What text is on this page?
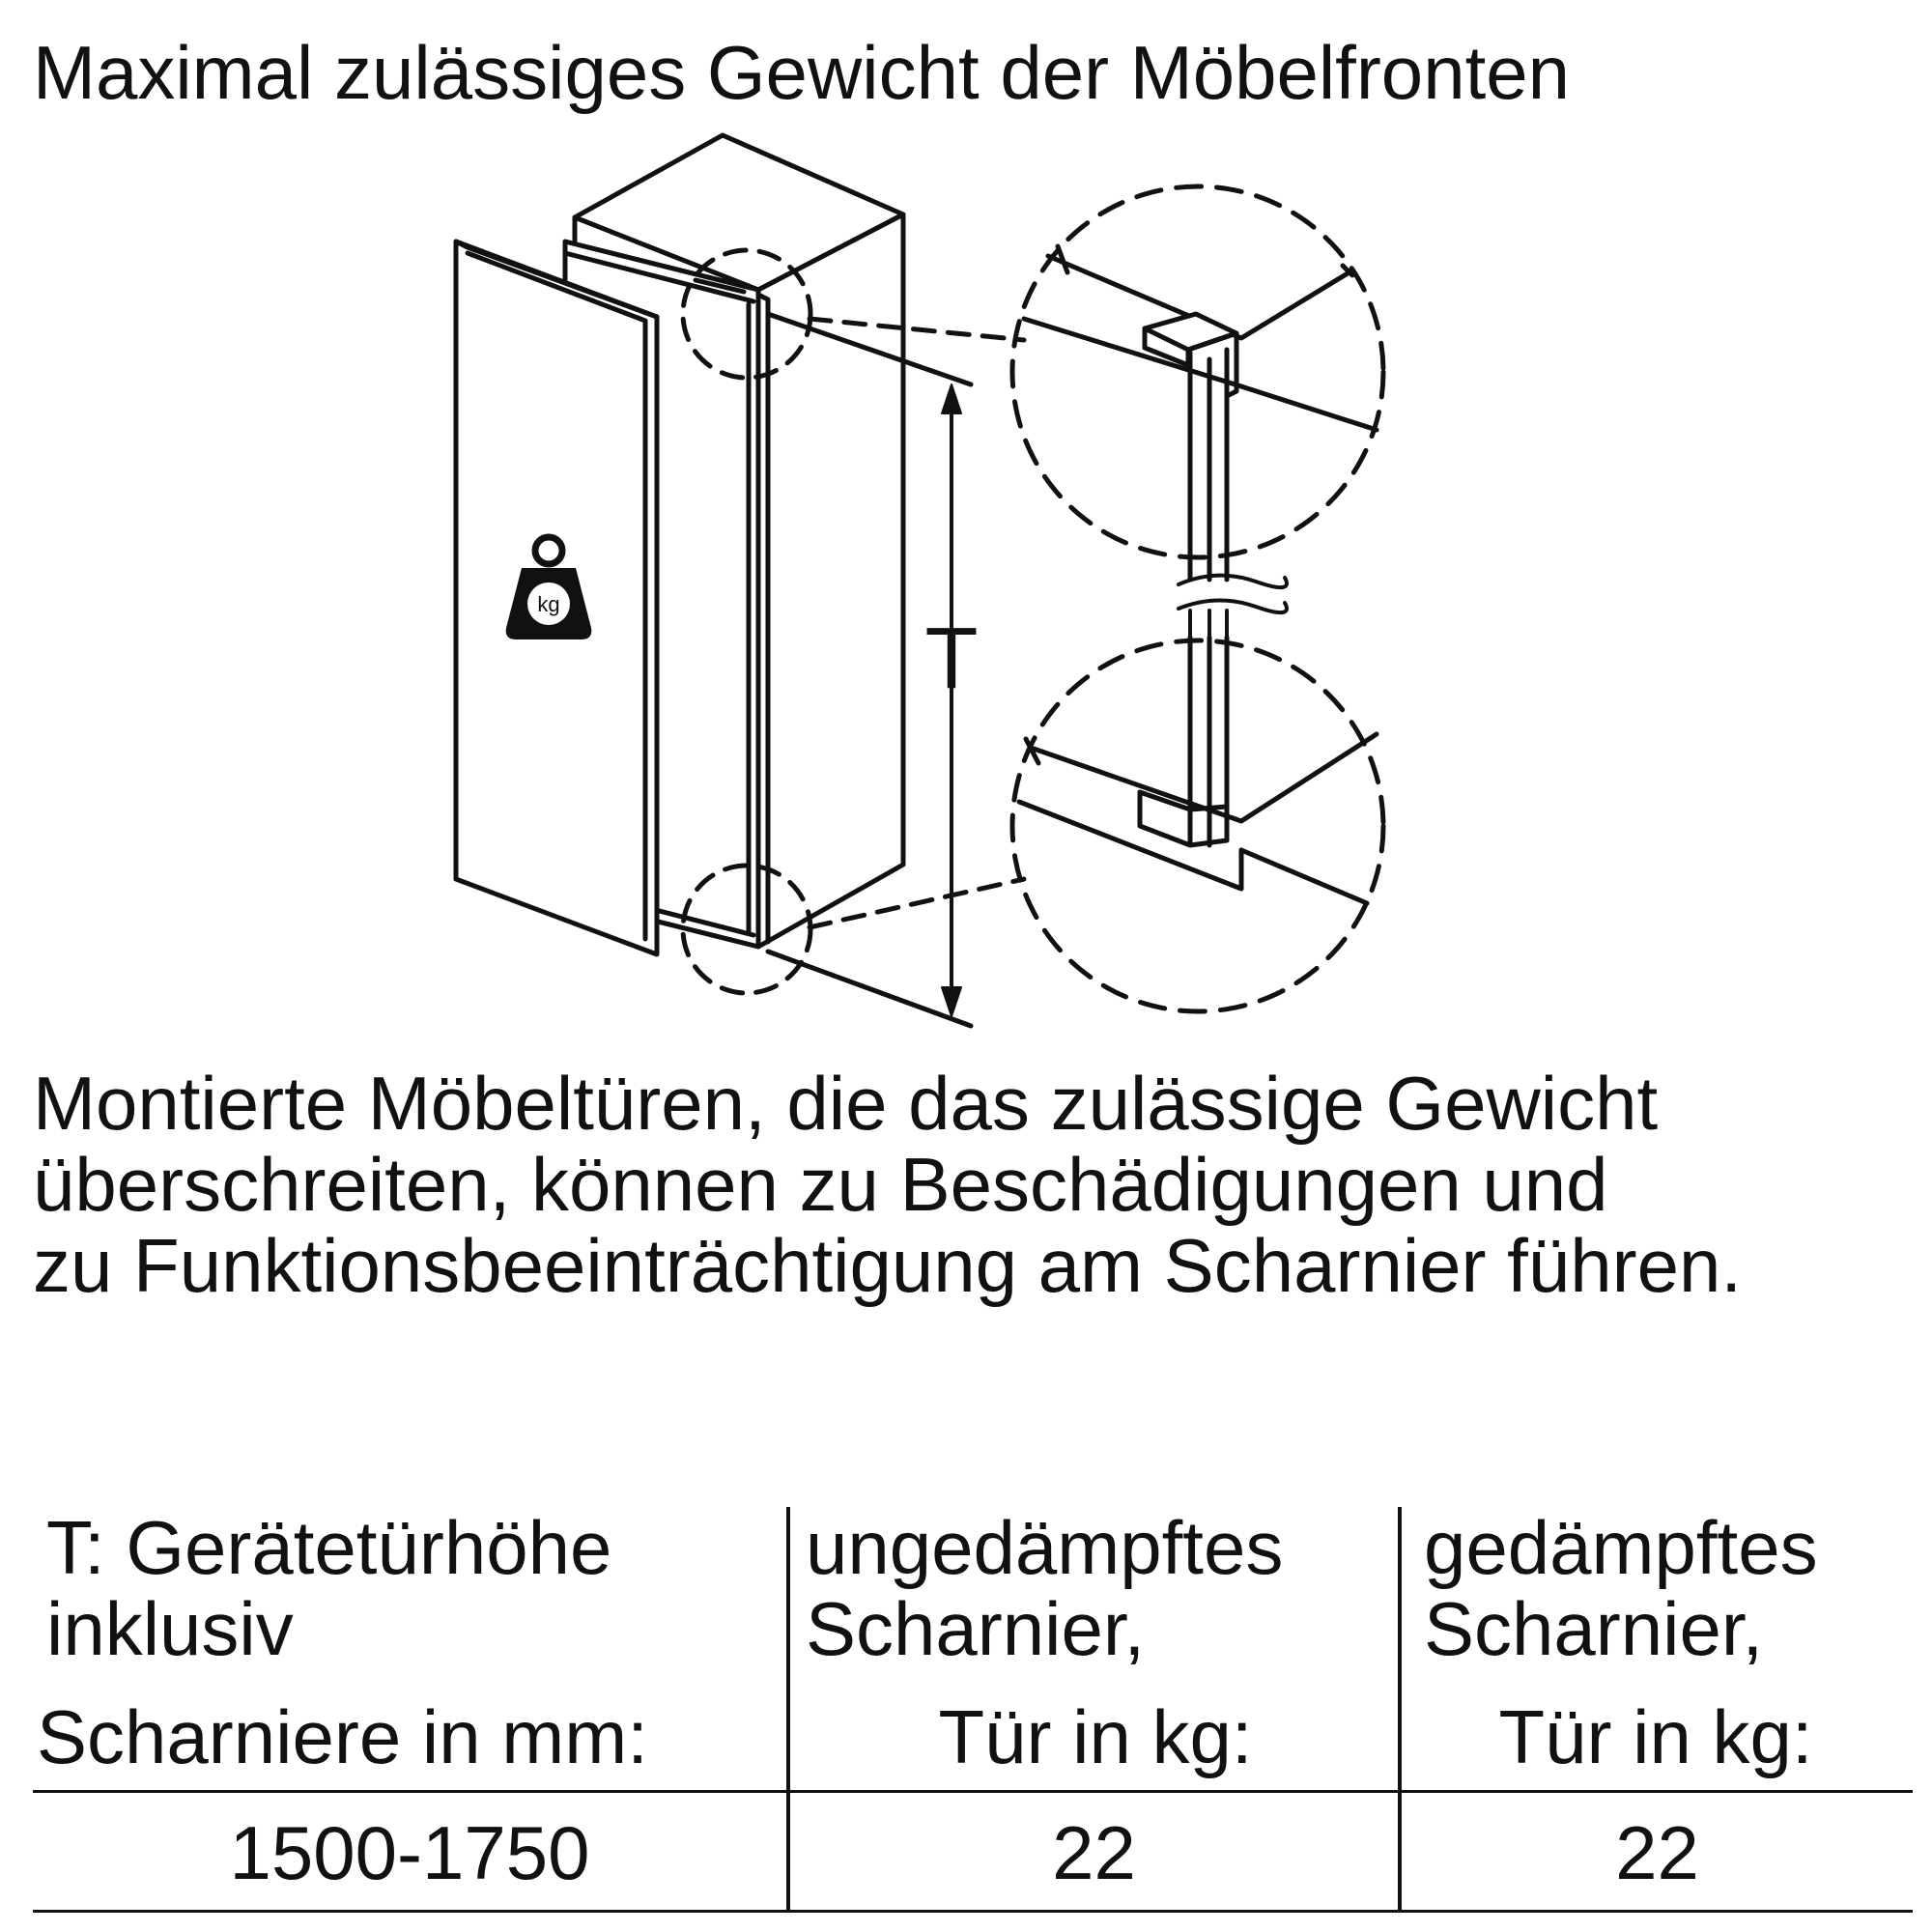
Maximal zulässiges Gewicht der Möbelfronten
kg
T
Montierte Möbeltüren, die das zulässige Gewicht
überschreiten, können zu Beschädigungen und
zu Funktionsbeeinträchtigung am Scharnier führen.
T: Gerätetürhöhe
inklusiv
Scharniere in mm:
ungedämpftes
Scharnier,
Tür in kg:
gedämpftes
Scharnier,
Tür in kg:
1500-1750	22	22
